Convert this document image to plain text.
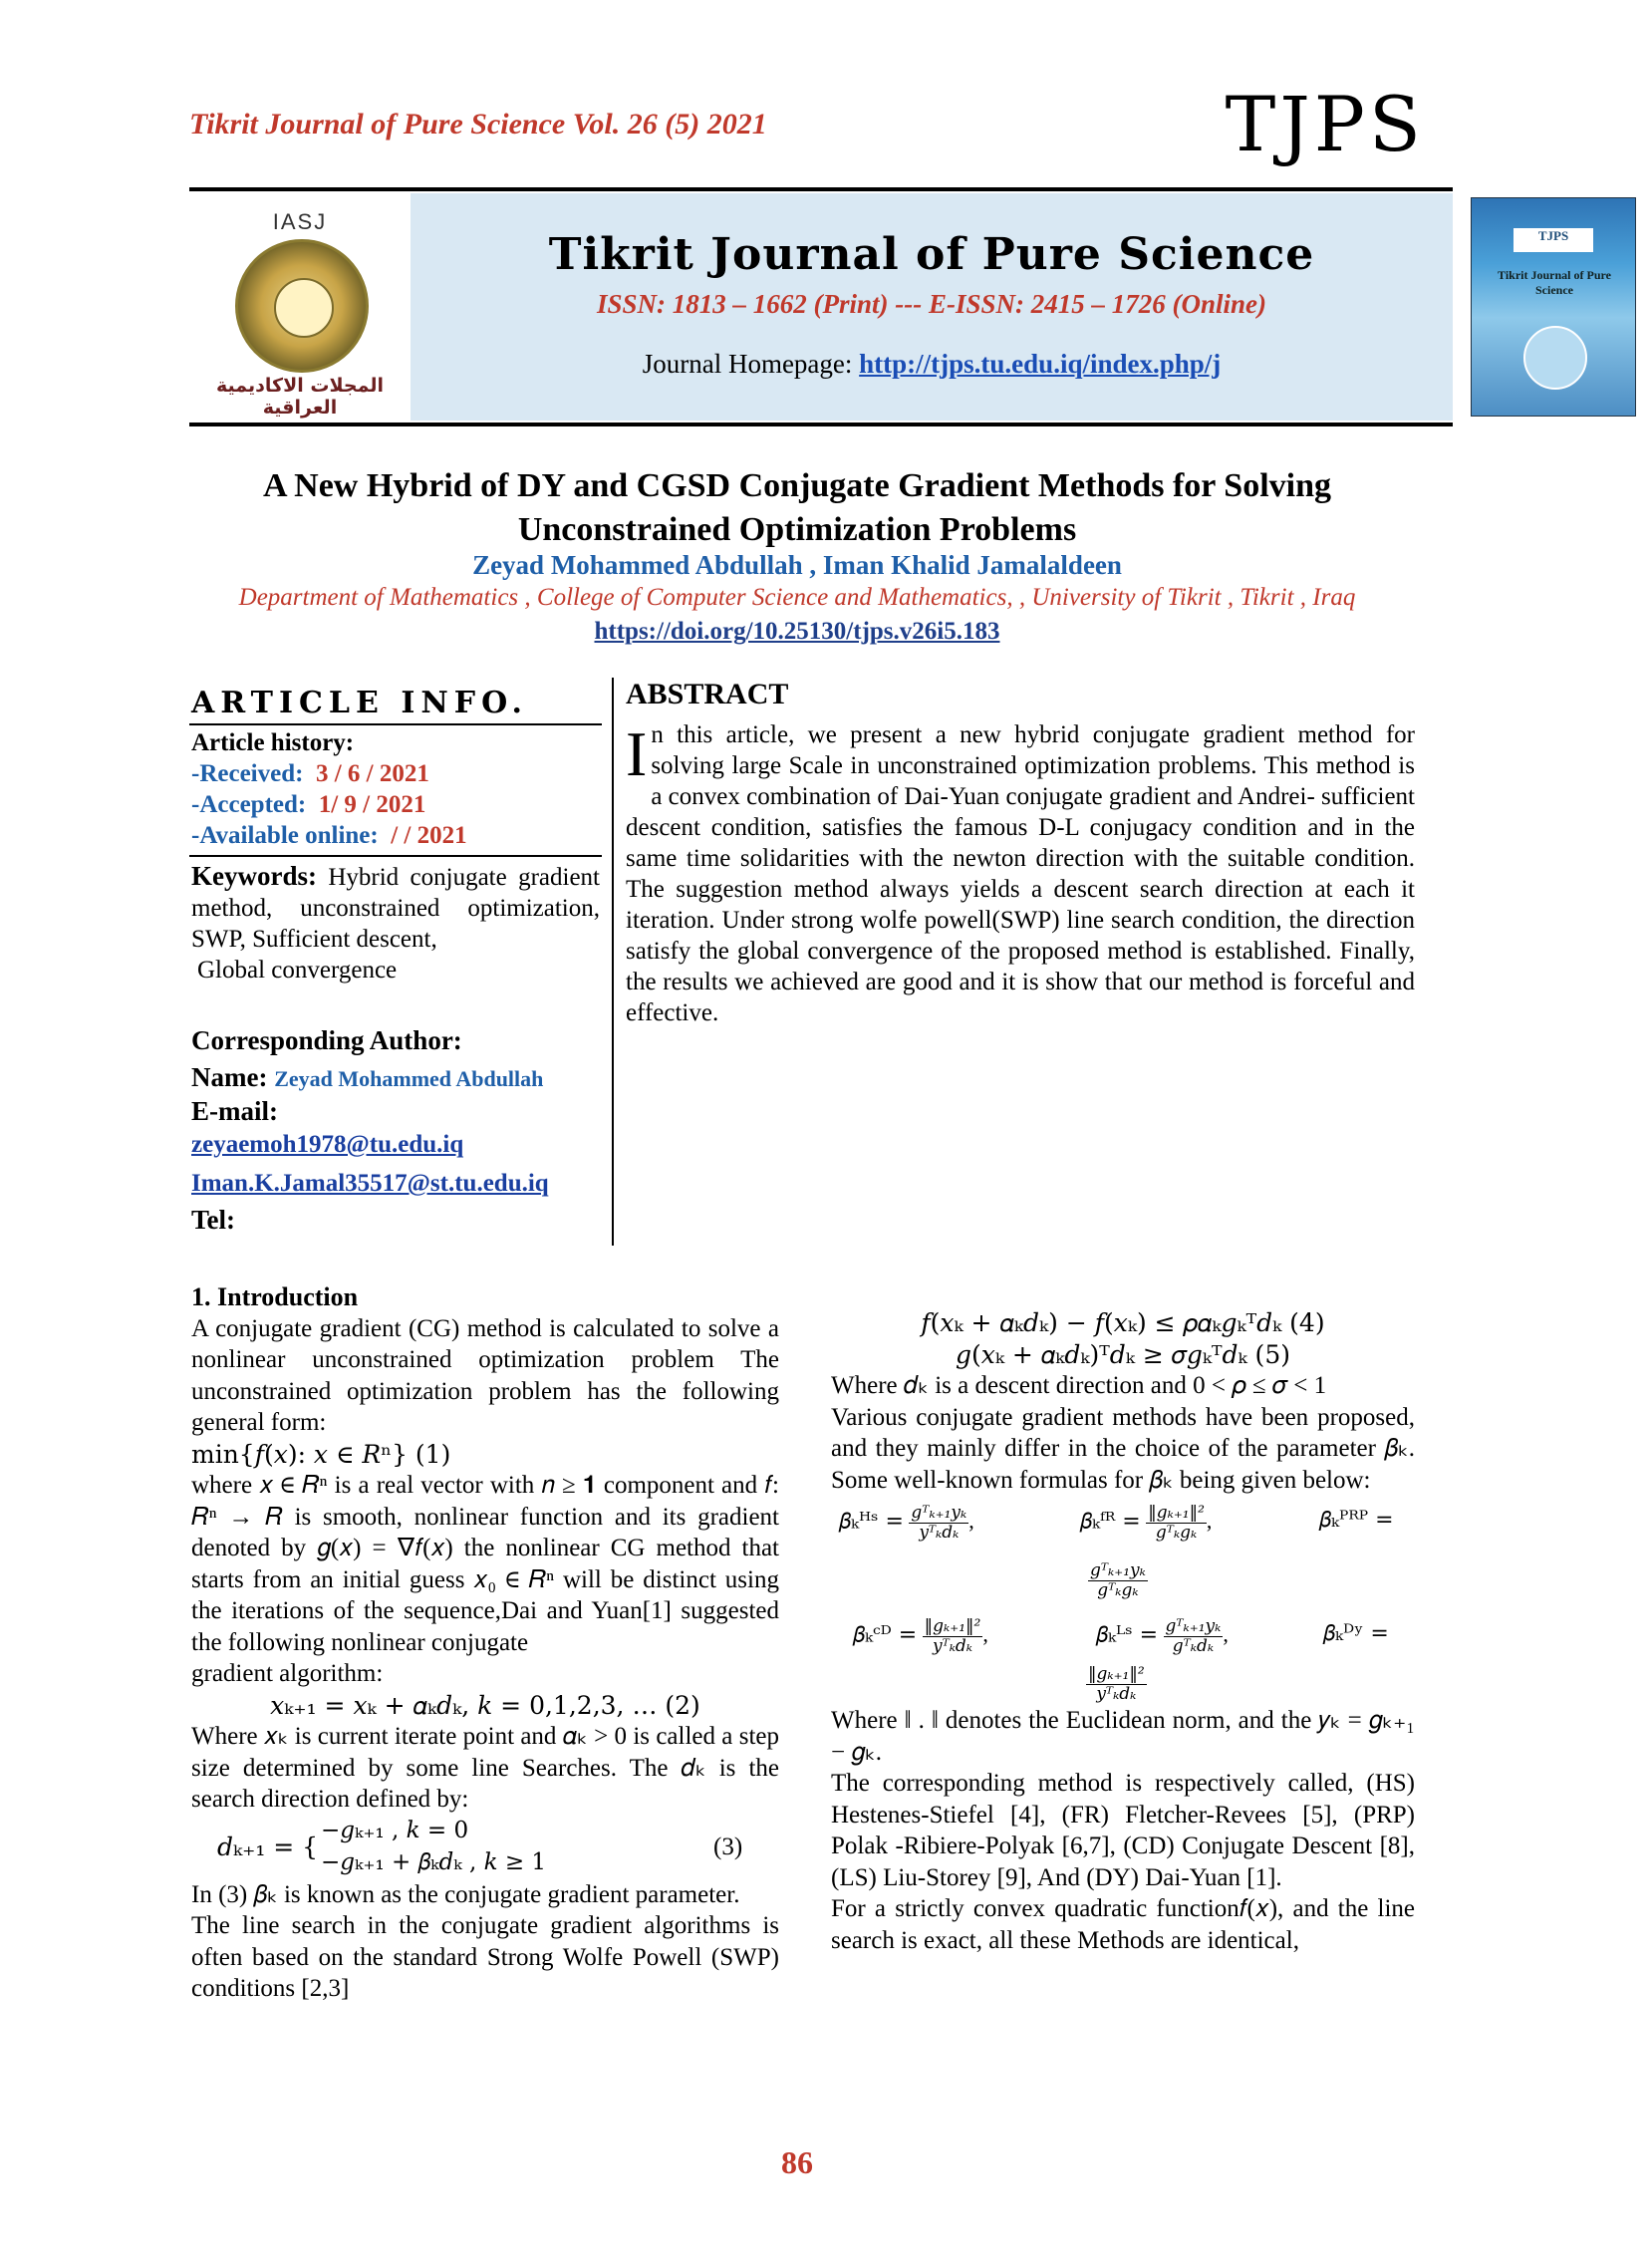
Tikrit Journal of Pure Science Vol. 26 (5) 2021	TJPS
IASJ
المجلات الاكاديمية العراقية
Tikrit Journal of Pure Science
ISSN: 1813 – 1662 (Print) --- E-ISSN: 2415 – 1726 (Online)
Journal Homepage: http://tjps.tu.edu.iq/index.php/j
TJPS
Tikrit Journal of Pure Science
A New Hybrid of DY and CGSD Conjugate Gradient Methods for Solving
Unconstrained Optimization Problems
Zeyad Mohammed Abdullah , Iman Khalid Jamalaldeen
Department of Mathematics , College of Computer Science and Mathematics, , University of Tikrit , Tikrit , Iraq
https://doi.org/10.25130/tjps.v26i5.183
ARTICLE INFO.
Article history:
-Received: 3 / 6 / 2021
-Accepted: 1/ 9 / 2021
-Available online: / / 2021
Keywords: Hybrid conjugate gradient method, unconstrained optimization, SWP, Sufficient descent,
Global convergence
Corresponding Author:
Name: Zeyad Mohammed Abdullah
E-mail:
zeyaemoh1978@tu.edu.iq
Iman.K.Jamal35517@st.tu.edu.iq
Tel:
ABSTRACT
In this article, we present a new hybrid conjugate gradient method for solving large Scale in unconstrained optimization problems. This method is a convex combination of Dai-Yuan conjugate gradient and Andrei- sufficient descent condition, satisfies the famous D-L conjugacy condition and in the same time solidarities with the newton direction with the suitable condition. The suggestion method always yields a descent search direction at each it iteration. Under strong wolfe powell(SWP) line search condition, the direction satisfy the global convergence of the proposed method is established. Finally, the results we achieved are good and it is show that our method is forceful and effective.
1. Introduction

A conjugate gradient (CG) method is calculated to solve a nonlinear unconstrained optimization problem The unconstrained optimization problem has the following general form:

min{𝑓(𝑥): 𝑥 ∈ 𝑅ⁿ} (1)

where 𝑥 ∈ 𝑅ⁿ is a real vector with 𝑛 ≥ 𝟏 component and 𝑓: 𝑅ⁿ → 𝑅 is smooth, nonlinear function and its gradient denoted by 𝑔(𝑥) = ∇𝑓(𝑥) the nonlinear CG method that starts from an initial guess 𝑥₀ ∈ 𝑅ⁿ will be distinct using the iterations of the sequence,Dai and Yuan[1] suggested the following nonlinear conjugate

gradient algorithm:

𝑥ₖ₊₁ = 𝑥ₖ + 𝛼ₖ𝑑ₖ, 𝑘 = 0,1,2,3, … (2)

Where 𝑥ₖ is current iterate point and 𝛼ₖ > 0 is called a step size determined by some line Searches. The 𝑑ₖ is the search direction defined by:

𝑑ₖ₊₁ = {
−𝑔ₖ₊₁ , 𝑘 = 0
−𝑔ₖ₊₁ + 𝛽ₖ𝑑ₖ , 𝑘 ≥ 1
(3)

In (3) 𝛽ₖ is known as the conjugate gradient parameter.

The line search in the conjugate gradient algorithms is often based on the standard Strong Wolfe Powell (SWP) conditions [2,3]

𝑓(𝑥ₖ + 𝛼ₖ𝑑ₖ) − 𝑓(𝑥ₖ) ≤ 𝜌𝛼ₖ𝑔ₖᵀ𝑑ₖ (4)

𝑔(𝑥ₖ + 𝛼ₖ𝑑ₖ)ᵀ𝑑ₖ ≥ 𝜎𝑔ₖᵀ𝑑ₖ (5)

Where 𝑑ₖ is a descent direction and 0 < 𝜌 ≤ 𝜎 < 1

Various conjugate gradient methods have been proposed, and they mainly differ in the choice of the parameter 𝛽ₖ. Some well-known formulas for 𝛽ₖ being given below:

𝛽ₖᴴˢ = $\frac{\text{gᵀₖ₊₁yₖ}}{\text{yᵀₖdₖ}}$ ,	𝛽ₖᶠᴿ = $\frac{\text{‖gₖ₊₁‖²}}{\text{gᵀₖgₖ}}$ ,	𝛽ₖᴾᴿᴾ =
$\frac{\text{gᵀₖ₊₁yₖ}}{\text{gᵀₖgₖ}}$
𝛽ₖᶜᴰ = $\frac{\text{‖gₖ₊₁‖²}}{\text{yᵀₖdₖ}}$ ,	𝛽ₖᴸˢ = $\frac{\text{gᵀₖ₊₁yₖ}}{\text{gᵀₖdₖ}}$ ,	𝛽ₖᴰʸ =
$\frac{\text{‖gₖ₊₁‖²}}{\text{yᵀₖdₖ}}$

Where ‖ . ‖ denotes the Euclidean norm, and the 𝑦ₖ = 𝑔ₖ₊₁ − 𝑔ₖ.

The corresponding method is respectively called, (HS) Hestenes-Stiefel [4], (FR) Fletcher-Revees [5], (PRP) Polak -Ribiere-Polyak [6,7], (CD) Conjugate Descent [8], (LS) Liu-Storey [9], And (DY) Dai-Yuan [1].

For a strictly convex quadratic function𝑓(𝑥), and the line search is exact, all these Methods are identical,

86
